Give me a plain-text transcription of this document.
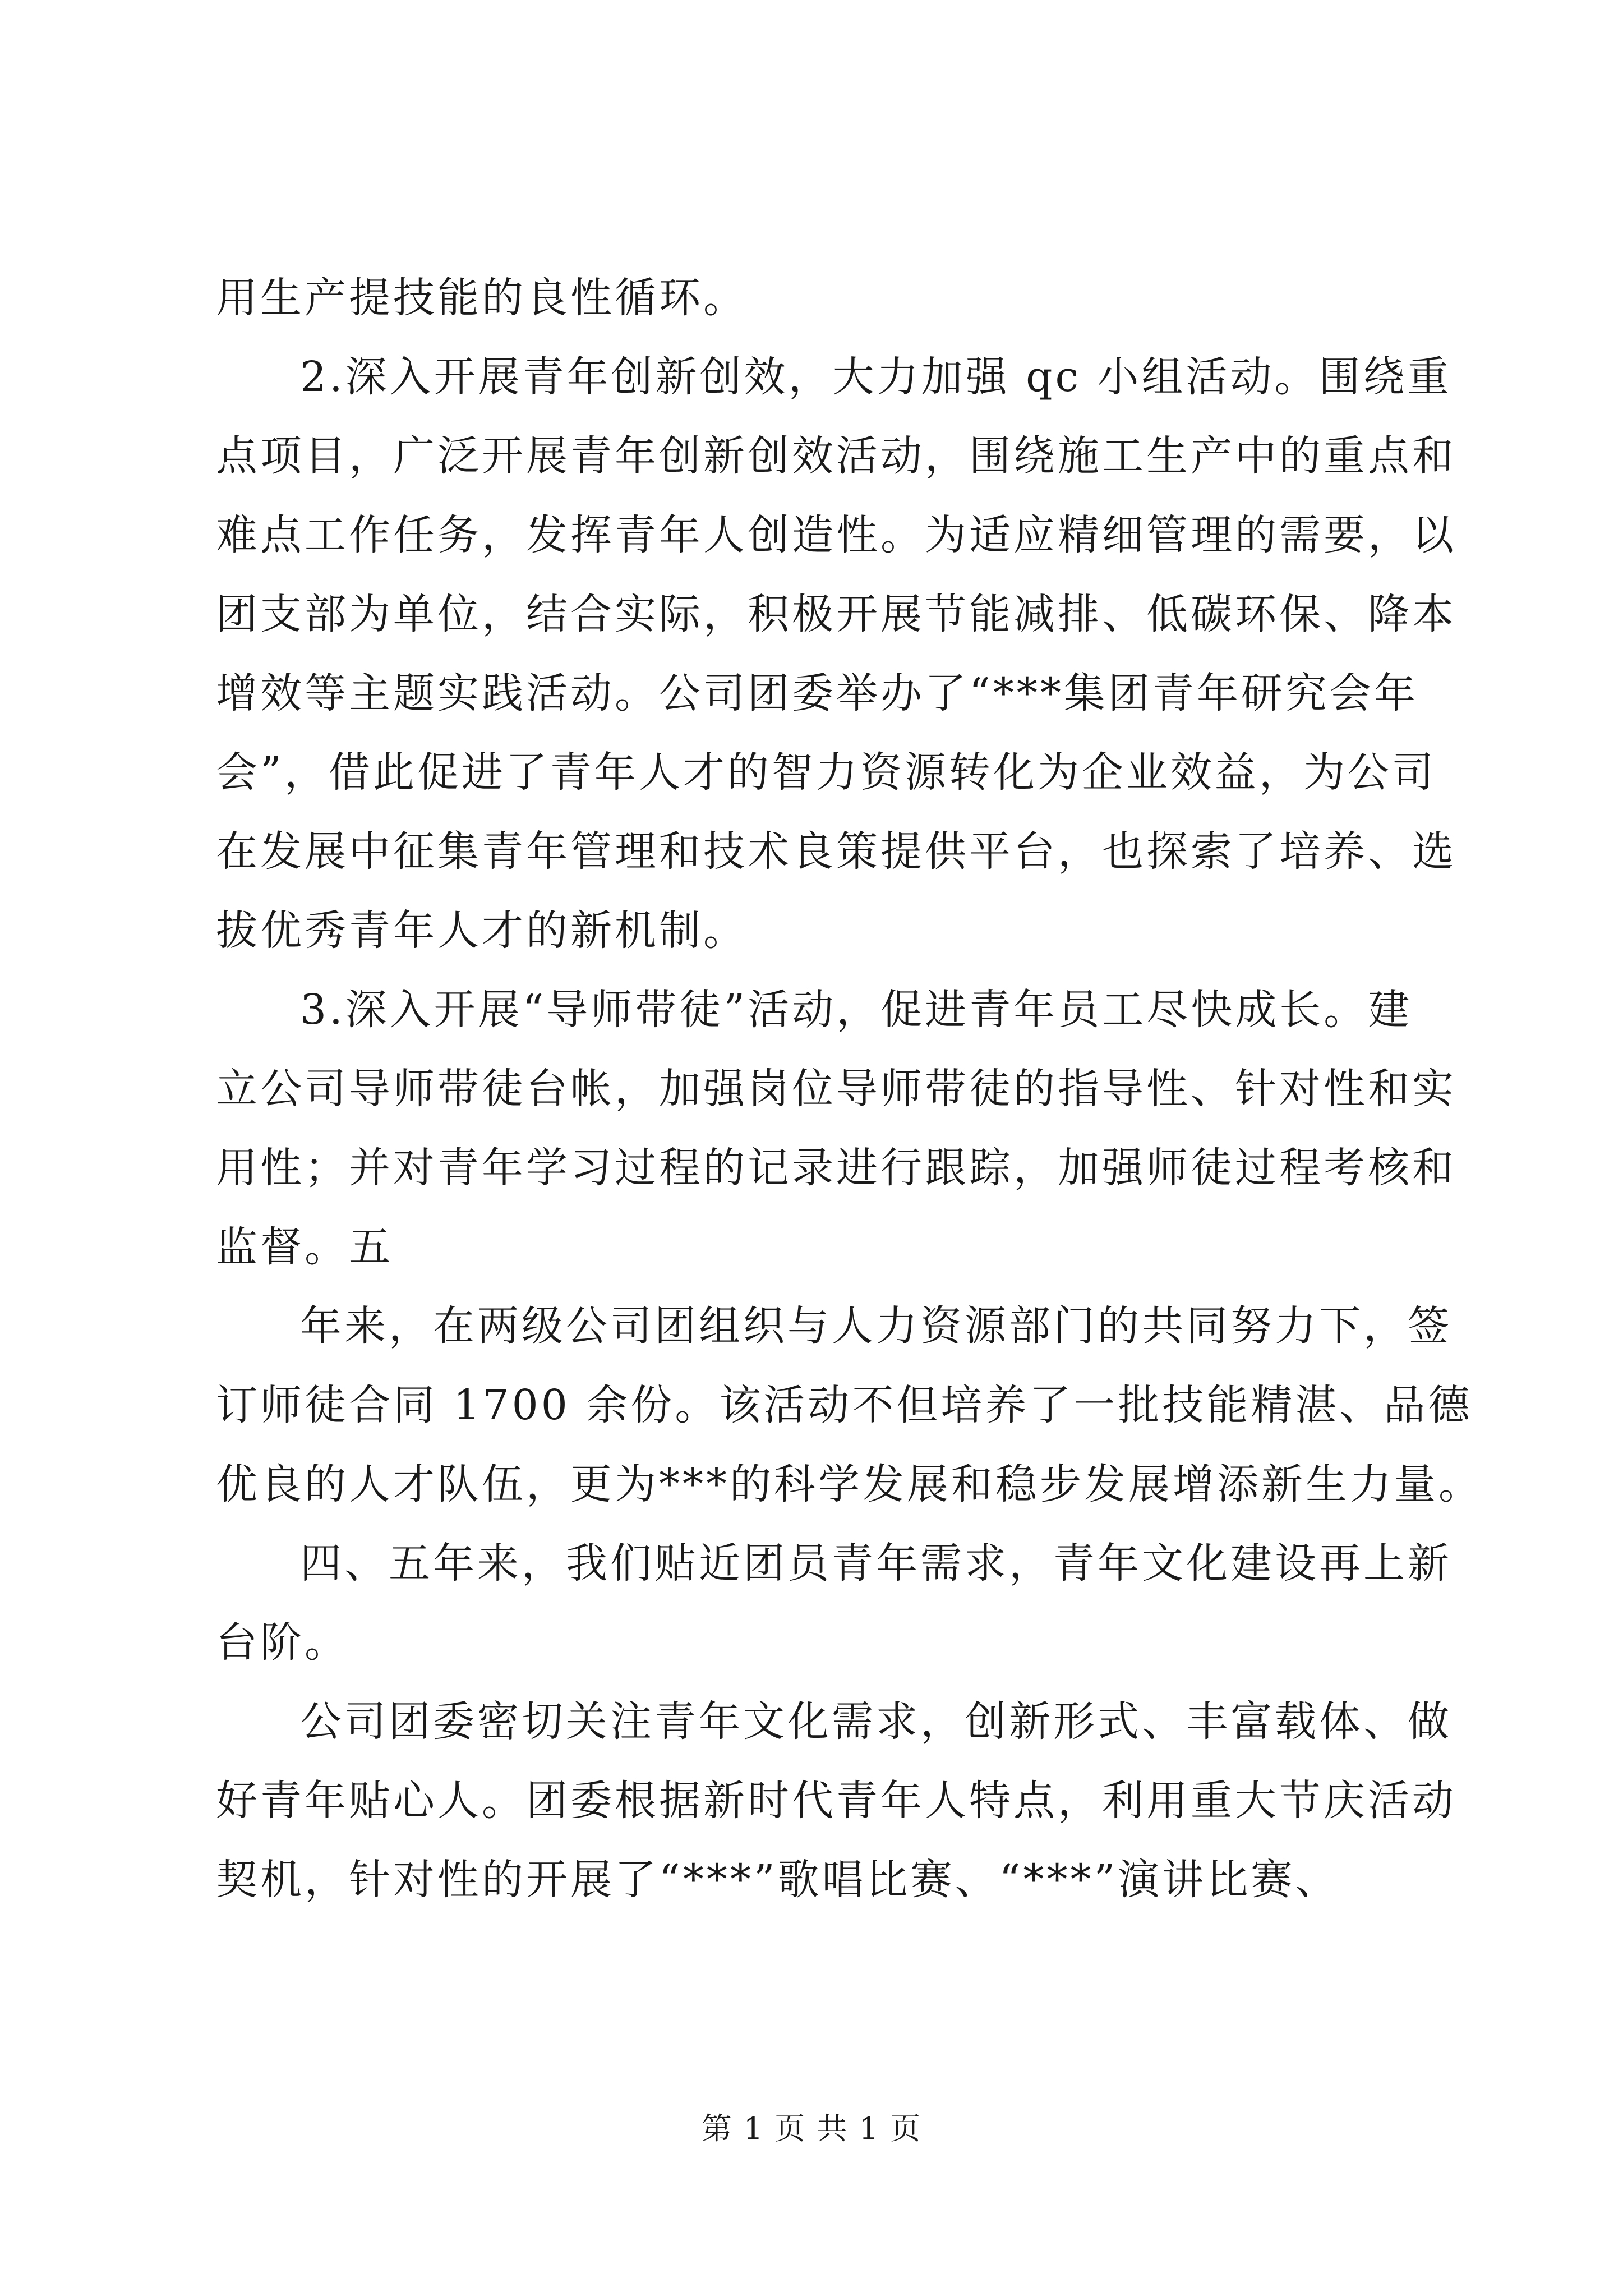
用生产提技能的良性循环。
2.深入开展青年创新创效，大力加强 qc 小组活动。围绕重
点项目，广泛开展青年创新创效活动，围绕施工生产中的重点和
难点工作任务，发挥青年人创造性。为适应精细管理的需要，以
团支部为单位，结合实际，积极开展节能减排、低碳环保、降本
增效等主题实践活动。公司团委举办了“***集团青年研究会年
会”，借此促进了青年人才的智力资源转化为企业效益，为公司
在发展中征集青年管理和技术良策提供平台，也探索了培养、选
拔优秀青年人才的新机制。
3.深入开展“导师带徒”活动，促进青年员工尽快成长。建
立公司导师带徒台帐，加强岗位导师带徒的指导性、针对性和实
用性；并对青年学习过程的记录进行跟踪，加强师徒过程考核和
监督。五
年来，在两级公司团组织与人力资源部门的共同努力下，签
订师徒合同 1700 余份。该活动不但培养了一批技能精湛、品德
优良的人才队伍，更为***的科学发展和稳步发展增添新生力量。
四、五年来，我们贴近团员青年需求，青年文化建设再上新
台阶。
公司团委密切关注青年文化需求，创新形式、丰富载体、做
好青年贴心人。团委根据新时代青年人特点，利用重大节庆活动
契机，针对性的开展了“***”歌唱比赛、“***”演讲比赛、
第 1 页 共 1 页
